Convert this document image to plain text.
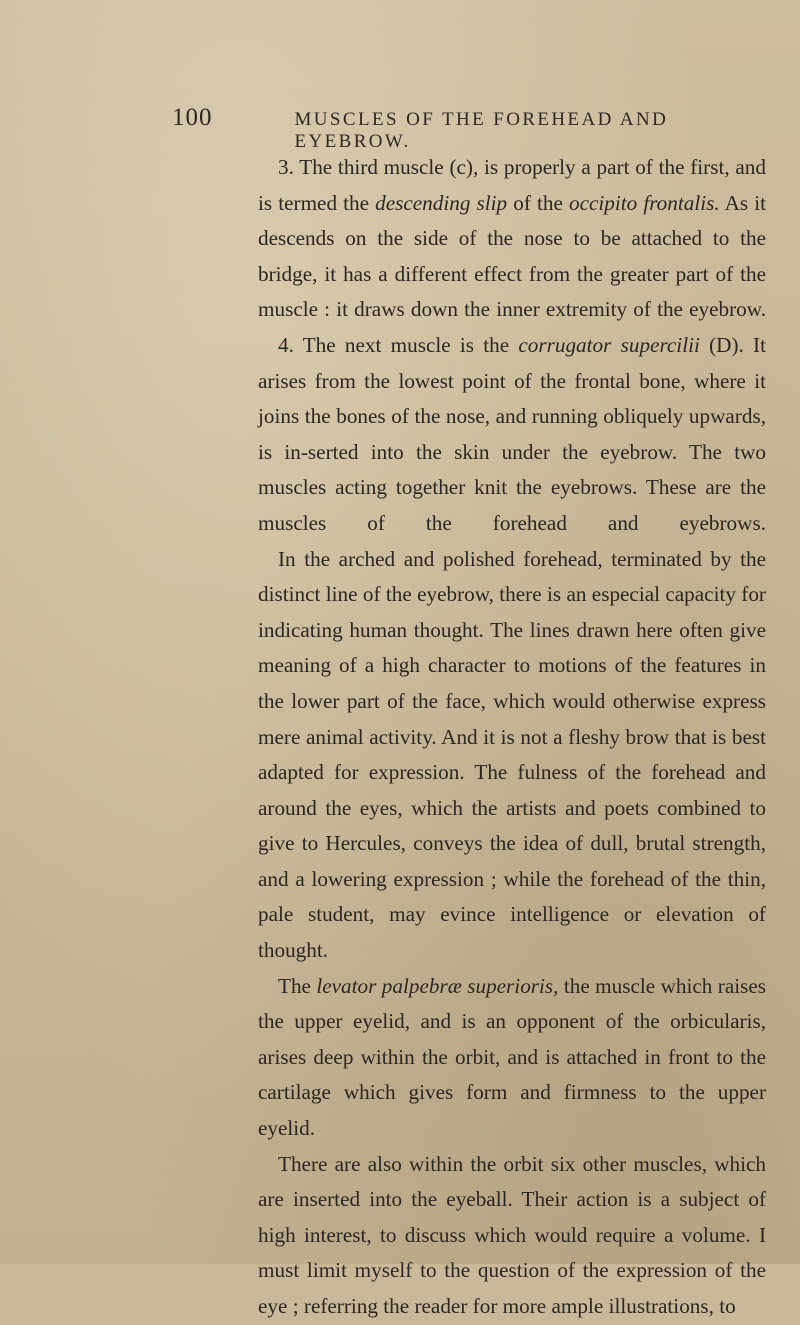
100	MUSCLES OF THE FOREHEAD AND EYEBROW.

3. The third muscle (c), is properly a part of the first, and is termed the descending slip of the occipito frontalis. As it descends on the side of the nose to be attached to the bridge, it has a different effect from the greater part of the muscle : it draws down the inner extremity of the eyebrow.

4. The next muscle is the corrugator supercilii (D). It arises from the lowest point of the frontal bone, where it joins the bones of the nose, and running obliquely upwards, is in-serted into the skin under the eyebrow. The two muscles acting together knit the eyebrows. These are the muscles of the forehead and eyebrows.

In the arched and polished forehead, terminated by the distinct line of the eyebrow, there is an especial capacity for indicating human thought. The lines drawn here often give meaning of a high character to motions of the features in the lower part of the face, which would otherwise express mere animal activity. And it is not a fleshy brow that is best adapted for expression. The fulness of the forehead and around the eyes, which the artists and poets combined to give to Hercules, conveys the idea of dull, brutal strength, and a lowering expression ; while the forehead of the thin, pale student, may evince intelligence or elevation of thought.

The levator palpebræ superioris, the muscle which raises the upper eyelid, and is an opponent of the orbicularis, arises deep within the orbit, and is attached in front to the cartilage which gives form and firmness to the upper eyelid.

There are also within the orbit six other muscles, which are inserted into the eyeball. Their action is a subject of high interest, to discuss which would require a volume. I must limit myself to the question of the expression of the eye ; referring the reader for more ample illustrations, to
